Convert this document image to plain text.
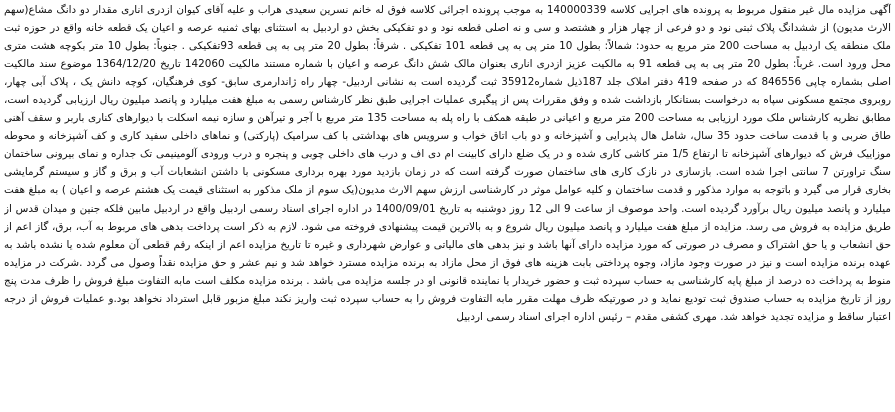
آگهی مزایده مال غیر منقول مربوط به پرونده های اجرایی کلاسه 140000339 به موجب پرونده اجرائی کلاسه فوق له خانم نسرین سعیدی هراب و علیه آقای کیوان ازدری اناری مقدار دو دانگ مشاع(سهم الارث مدیون) از ششدانگ پلاک ثبتی نود و دو فرعی از چهار هزار و هشتصد و سی و نه اصلی قطعه نود و دو تفکیکی بخش دو اردبیل به استثنای بهای ثمنیه عرصه و اعیان یک قطعه خانه واقع در حوزه ثبت ملک منطقه یک اردبیل به مساحت 200 متر مربع به حدود: شمالاً: بطول 10 متر پی به پی قطعه 101 تفکیکی . شرقاً: بطول 20 متر پی به پی قطعه 93تفکیکی . جنوباً: بطول 10 متر بکوچه هشت متری محل ورود است. غرباً: بطول 20 متر پی به پی قطعه 91 به مالکیت عزیز ازدری اناری بعنوان مالک شش دانگ عرصه و اعیان با شماره مستند مالکیت 142060 تاریخ 1364/12/20 موضوع سند مالکیت اصلی بشماره چاپی 846556 که در صفحه 419 دفتر املاک جلد 187ذیل شماره35912 ثبت گردیده است به نشانی اردبیل- چهار راه ژاندارمری سابق- کوی فرهنگیان، کوچه دانش یک ، پلاک آبی چهار، روبروی مجتمع مسکونی سپاه به درخواست بستانکار بازداشت شده و وفق مقررات پس از پیگیری عملیات اجرایی طبق نظر کارشناس رسمی به مبلغ هفت میلیارد و پانصد میلیون ریال ارزیابی گردیده است، مطابق نظریه کارشناس ملک مورد ارزیابی به مساحت 200 متر مربع و اعیانی در طبقه همکف با راه پله به مساحت 135 متر مربع با آجر و تیرآهن و سازه نیمه اسکلت با دیوارهای کناری باربر و سقف آهنی طاق ضربی و با قدمت ساخت حدود 35 سال، شامل هال پذیرایی و آشپزخانه و دو باب اتاق خواب و سرویس های بهداشتی با کف سرامیک (پارکتی) و نماهای داخلی سفید کاری و کف آشپزخانه و محوطه موزاییک فرش که دیوارهای آشپزخانه تا ارتفاع 1/5 متر کاشی کاری شده و در یک ضلع دارای کابینت ام دی اف و درب های داخلی چوبی و پنجره و درب ورودی آلومینیمی تک جداره و نمای بیرونی ساختمان سنگ تراورتن 7 سانتی اجرا شده است. بازسازی در نازک کاری های ساختمان صورت گرفته است که در زمان بازدید مورد بهره برداری مسکونی با داشتن انشعابات آب و برق و گاز و سیستم گرمایشی بخاری قرار می گیرد و باتوجه به موارد مذکور و قدمت ساختمان و کلیه عوامل موثر در کارشناسی ارزش سهم الارث مدیون(یک سوم از ملک مذکور به استثنای قیمت یک هشتم عرصه و اعیان ) به مبلغ هفت میلیارد و پانصد میلیون ریال برآورد گردیده است. واحد موصوف از ساعت 9 الی 12 روز دوشنبه به تاریخ 1400/09/01 در اداره اجرای اسناد رسمی اردبیل واقع در اردبیل مابین فلکه جنین و میدان قدس از طریق مزایده به فروش می رسد. مزایده از مبلغ هفت میلیارد و پانصد میلیون ریال شروع و به بالاترین قیمت پیشنهادی فروخته می شود. لازم به ذکر است پرداخت بدهی های مربوط به آب، برق، گاز اعم از حق انشعاب و یا حق اشتراک و مصرف در صورتی که مورد مزایده دارای آنها باشد و نیز بدهی های مالیاتی و عوارض شهرداری و غیره تا تاریخ مزایده اعم از اینکه رقم قطعی آن معلوم شده یا نشده باشد به عهده برنده مزایده است و نیز در صورت وجود مازاد، وجوه پرداختی بابت هزینه های فوق از محل مازاد به برنده مزایده مسترد خواهد شد و نیم عشر و حق مزایده نقداً وصول می گردد .شرکت در مزایده منوط به پرداخت ده درصد از مبلغ پایه کارشناسی به حساب سپرده ثبت و حضور خریدار یا نماینده قانونی او در جلسه مزایده می باشد . برنده مزایده مکلف است مابه التفاوت مبلغ فروش را ظرف مدت پنج روز از تاریخ مزایده به حساب صندوق ثبت تودیع نماید و در صورتیکه ظرف مهلت مقرر مابه التفاوت فروش را به حساب سپرده ثبت واریز نکند مبلغ مزبور قابل استرداد نخواهد بود.و عملیات فروش از درجه اعتبار ساقط و مزایده تجدید خواهد شد. مهری کشفی مقدم – رئیس اداره اجرای اسناد رسمی اردبیل
